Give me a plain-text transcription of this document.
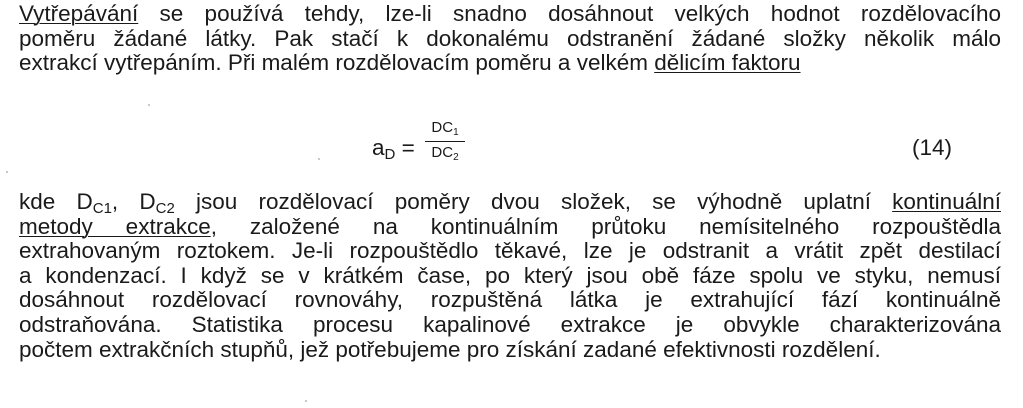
Vytřepávání se používá tehdy, lze-li snadno dosáhnout velkých hodnot rozdělovacího
poměru žádané látky. Pak stačí k dokonalému odstranění žádané složky několik málo
extrakcí vytřepáním. Při malém rozdělovacím poměru a velkém dělicím faktoru
aD =
$DC_1$
$DC_2$	(14)
kde $D_{C1}$, $D_{C2}$ jsou rozdělovací poměry dvou složek, se výhodně uplatní kontinuální
metody extrakce, založené na kontinuálním průtoku nemísitelného rozpouštědla
extrahovaným roztokem. Je-li rozpouštědlo těkavé, lze je odstranit a vrátit zpět destilací
a kondenzací. I když se v krátkém čase, po který jsou obě fáze spolu ve styku, nemusí
dosáhnout rozdělovací rovnováhy, rozpuštěná látka je extrahující fází kontinuálně
odstraňována. Statistika procesu kapalinové extrakce je obvykle charakterizována
počtem extrakčních stupňů, jež potřebujeme pro získání zadané efektivnosti rozdělení.
